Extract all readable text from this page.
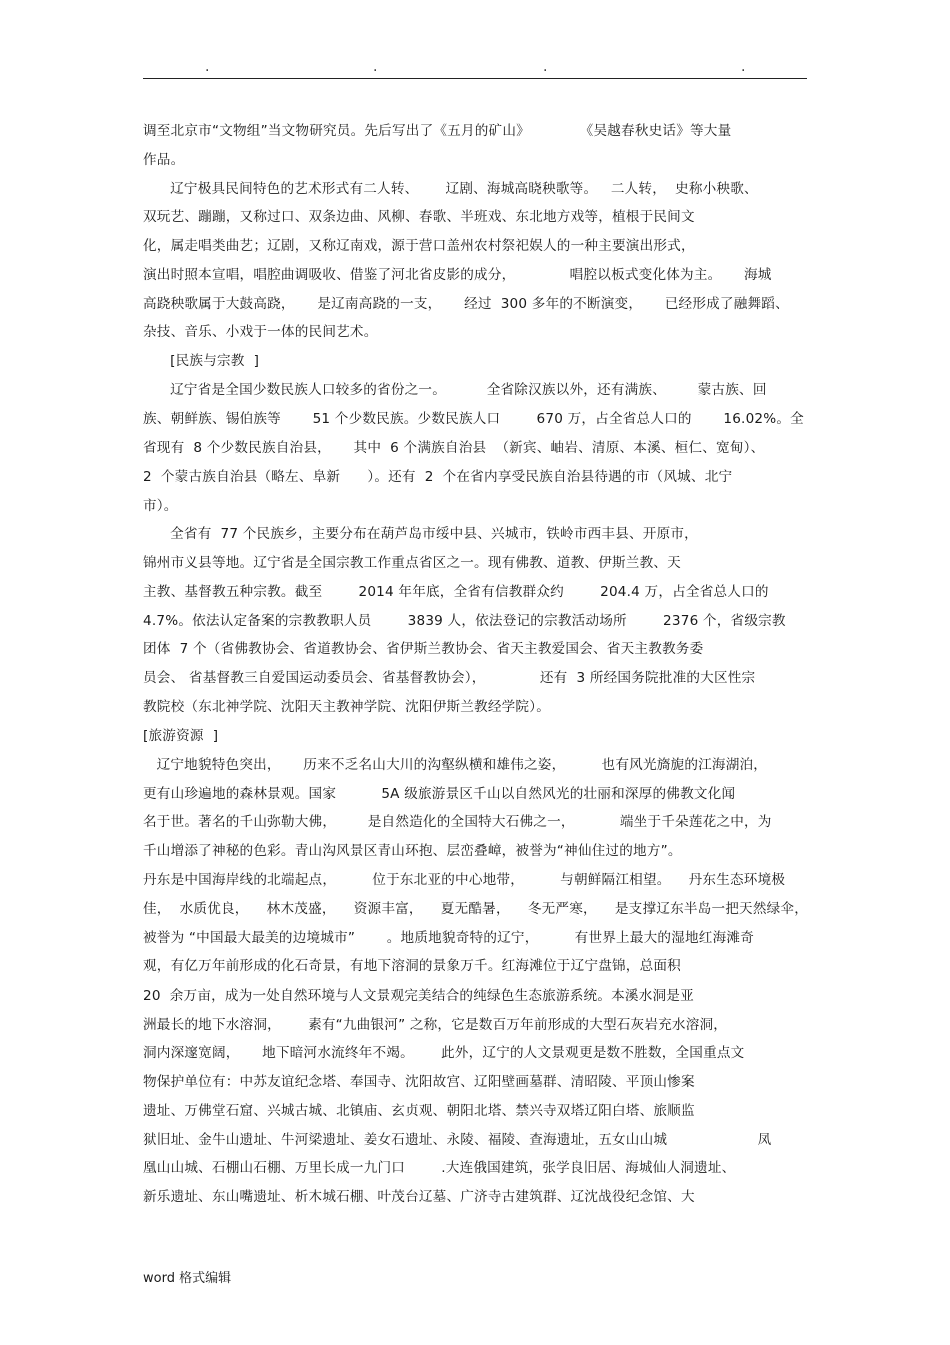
.	.	.	.
调至北京市“文物组”当文物研究员。先后写出了《五月的矿山》           《吴越春秋史话》等大量
作品。
辽宁极具民间特色的艺术形式有二人转、      辽剧、海城高晓秧歌等。   二人转，  史称小秧歌、
双玩艺、蹦蹦，又称过口、双条边曲、风柳、春歌、半班戏、东北地方戏等，植根于民间文
化，属走唱类曲艺；辽剧，又称辽南戏，源于营口盖州农村祭祀娱人的一种主要演出形式，
演出时照本宣唱，唱腔曲调吸收、借鉴了河北省皮影的成分，            唱腔以板式变化体为主。     海城
高跷秧歌属于大鼓高跷，     是辽南高跷的一支，     经过  300 多年的不断演变，     已经形成了融舞蹈、
杂技、音乐、小戏于一体的民间艺术。
[民族与宗教  ]
辽宁省是全国少数民族人口较多的省份之一。         全省除汉族以外，还有满族、       蒙古族、回
族、朝鲜族、锡伯族等       51 个少数民族。少数民族人口        670 万，占全省总人口的       16.02%。全
省现有  8 个少数民族自治县，     其中  6 个满族自治县  （新宾、岫岩、清原、本溪、桓仁、宽甸）、
2  个蒙古族自治县（略左、阜新      ）。还有  2  个在省内享受民族自治县待遇的市（风城、北宁
市）。
全省有  77 个民族乡，主要分布在葫芦岛市绥中县、兴城市，铁岭市西丰县、开原市，
锦州市义县等地。辽宁省是全国宗教工作重点省区之一。现有佛教、道教、伊斯兰教、天
主教、基督教五种宗教。截至        2014 年年底，全省有信教群众约        204.4 万，占全省总人口的
4.7%。依法认定备案的宗教教职人员        3839 人，依法登记的宗教活动场所        2376 个，省级宗教
团体  7 个（省佛教协会、省道教协会、省伊斯兰教协会、省天主教爱国会、省天主教教务委
员会、 省基督教三自爱国运动委员会、省基督教协会），            还有  3 所经国务院批准的大区性宗
教院校（东北神学院、沈阳天主教神学院、沈阳伊斯兰教经学院）。
[旅游资源  ]
辽宁地貌特色突出，     历来不乏名山大川的沟壑纵横和雄伟之姿，        也有风光旖旎的江海湖泊，
更有山珍遍地的森林景观。国家          5A 级旅游景区千山以自然风光的壮丽和深厚的佛教文化闻
名于世。著名的千山弥勒大佛，       是自然造化的全国特大石佛之一，          端坐于千朵莲花之中，为
千山增添了神秘的色彩。青山沟风景区青山环抱、层峦叠嶂，被誉为“神仙住过的地方”。
丹东是中国海岸线的北端起点，        位于东北亚的中心地带，        与朝鲜隔江相望。    丹东生态环境极
佳，  水质优良，    林木茂盛，    资源丰富，    夏无酷暑，    冬无严寒，    是支撑辽东半岛一把天然绿伞，
被誉为 “中国最大最美的边境城市”       。地质地貌奇特的辽宁，        有世界上最大的湿地红海滩奇
观，有亿万年前形成的化石奇景，有地下溶洞的景象万千。红海滩位于辽宁盘锦，总面积
20  余万亩，成为一处自然环境与人文景观完美结合的纯绿色生态旅游系统。本溪水洞是亚
洲最长的地下水溶洞，      素有“九曲银河” 之称，它是数百万年前形成的大型石灰岩充水溶洞，
洞内深邃宽阔，     地下暗河水流终年不竭。      此外，辽宁的人文景观更是数不胜数，全国重点文
物保护单位有：中苏友谊纪念塔、奉国寺、沈阳故宫、辽阳壁画墓群、清昭陵、平顶山惨案
遗址、万佛堂石窟、兴城古城、北镇庙、玄贞观、朝阳北塔、禁兴寺双塔辽阳白塔、旅顺监
狱旧址、金牛山遗址、牛河梁遗址、姜女石遗址、永陵、福陵、查海遗址，五女山山城                    凤
凰山山城、石棚山石棚、万里长成一九门口        .大连俄国建筑，张学良旧居、海城仙人洞遗址、
新乐遗址、东山嘴遗址、析木城石棚、叶茂台辽墓、广济寺古建筑群、辽沈战役纪念馆、大
word 格式编辑
